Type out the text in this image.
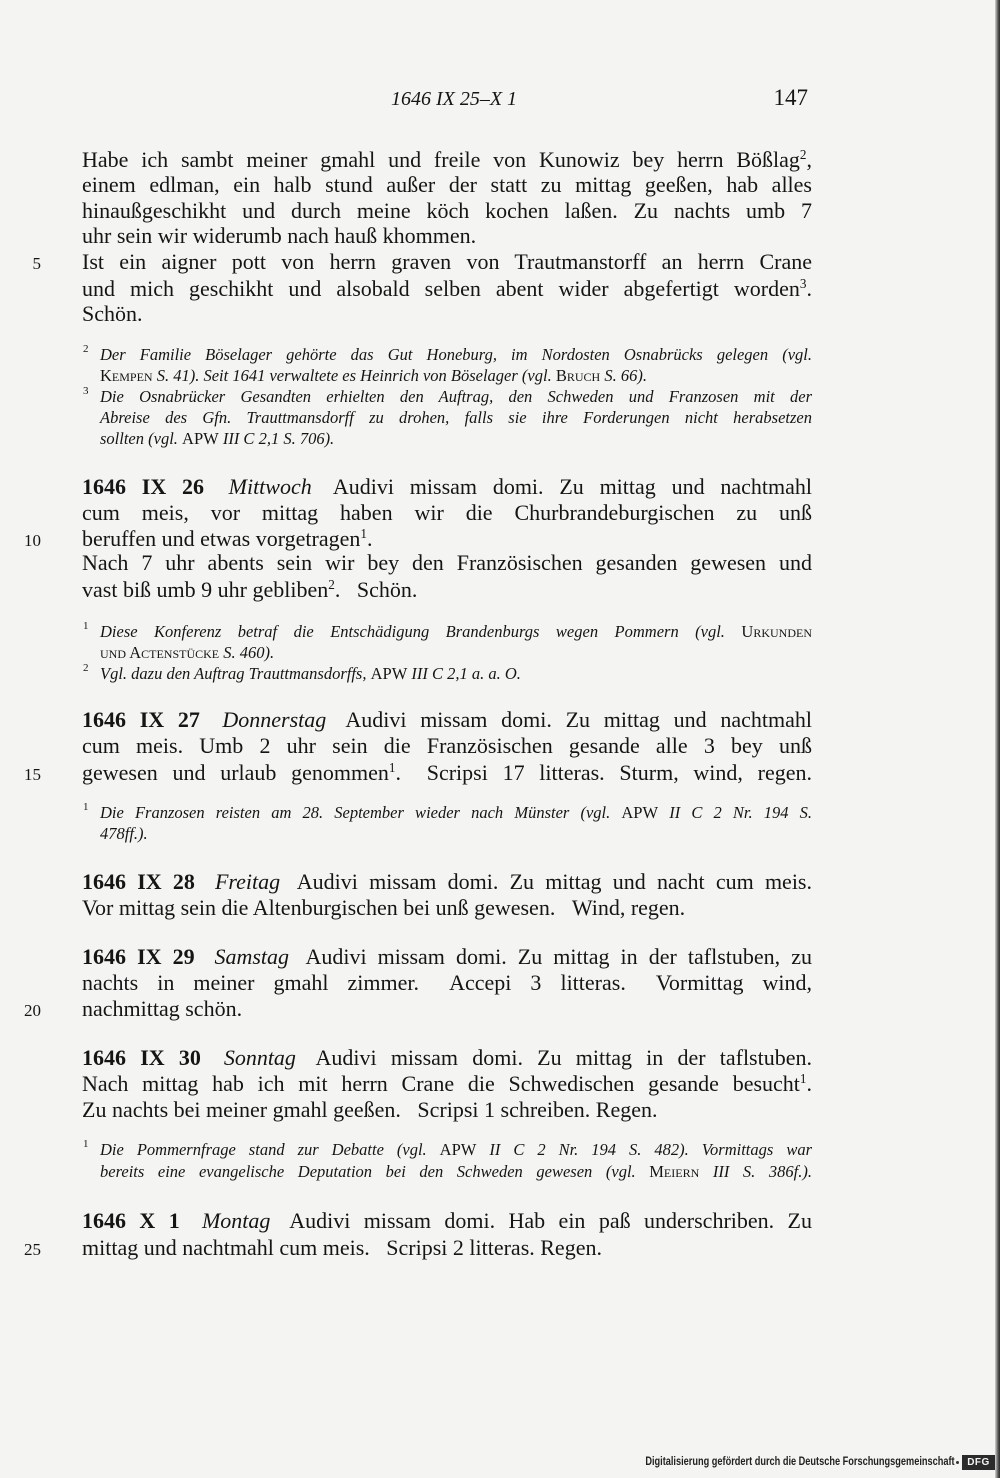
1646 IX 25–X 1	147
5
10
15
20
25
Habe ich sambt meiner gmahl und freile von Kunowiz bey herrn Bößlag$^2$,
einem edlman, ein halb stund außer der statt zu mittag geeßen, hab alles
hinaußgeschikht und durch meine köch kochen laßen. Zu nachts umb 7
uhr sein wir widerumb nach hauß khommen.
Ist ein aigner pott von herrn graven von Trautmanstorff an herrn Crane
und mich geschikht und alsobald selben abent wider abgefertigt worden$^3$.
Schön.
2 Der Familie Böselager gehörte das Gut Honeburg, im Nordosten Osnabrücks gelegen (vgl.
Kempen S. 41). Seit 1641 verwaltete es Heinrich von Böselager (vgl. Bruch S. 66).
3 Die Osnabrücker Gesandten erhielten den Auftrag, den Schweden und Franzosen mit der
Abreise des Gfn. Trauttmansdorff zu drohen, falls sie ihre Forderungen nicht herabsetzen
sollten (vgl. APW III C 2,1 S. 706).
1646 IX 26 Mittwoch Audivi missam domi. Zu mittag und nachtmahl
cum meis, vor mittag haben wir die Churbrandeburgischen zu unß
beruffen und etwas vorgetragen$^1$.
Nach 7 uhr abents sein wir bey den Französischen gesanden gewesen und
vast biß umb 9 uhr gebliben$^2$. Schön.
1 Diese Konferenz betraf die Entschädigung Brandenburgs wegen Pommern (vgl. Urkunden
und Actenstücke S. 460).
2 Vgl. dazu den Auftrag Trauttmansdorffs, APW III C 2,1 a. a. O.
1646 IX 27 Donnerstag Audivi missam domi. Zu mittag und nachtmahl
cum meis. Umb 2 uhr sein die Französischen gesande alle 3 bey unß
gewesen und urlaub genommen$^1$. Scripsi 17 litteras. Sturm, wind, regen.
1 Die Franzosen reisten am 28. September wieder nach Münster (vgl. APW II C 2 Nr. 194 S.
478ff.).
1646 IX 28 Freitag Audivi missam domi. Zu mittag und nacht cum meis.
Vor mittag sein die Altenburgischen bei unß gewesen. Wind, regen.
1646 IX 29 Samstag Audivi missam domi. Zu mittag in der taflstuben, zu
nachts in meiner gmahl zimmer. Accepi 3 litteras. Vormittag wind,
nachmittag schön.
1646 IX 30 Sonntag Audivi missam domi. Zu mittag in der taflstuben.
Nach mittag hab ich mit herrn Crane die Schwedischen gesande besucht$^1$.
Zu nachts bei meiner gmahl geeßen. Scripsi 1 schreiben. Regen.
1 Die Pommernfrage stand zur Debatte (vgl. APW II C 2 Nr. 194 S. 482). Vormittags war
bereits eine evangelische Deputation bei den Schweden gewesen (vgl. Meiern III S. 386f.).
1646 X 1 Montag Audivi missam domi. Hab ein paß underschriben. Zu
mittag und nachtmahl cum meis. Scripsi 2 litteras. Regen.
Digitalisierung gefördert durch die Deutsche Forschungsgemeinschaft	DFG
